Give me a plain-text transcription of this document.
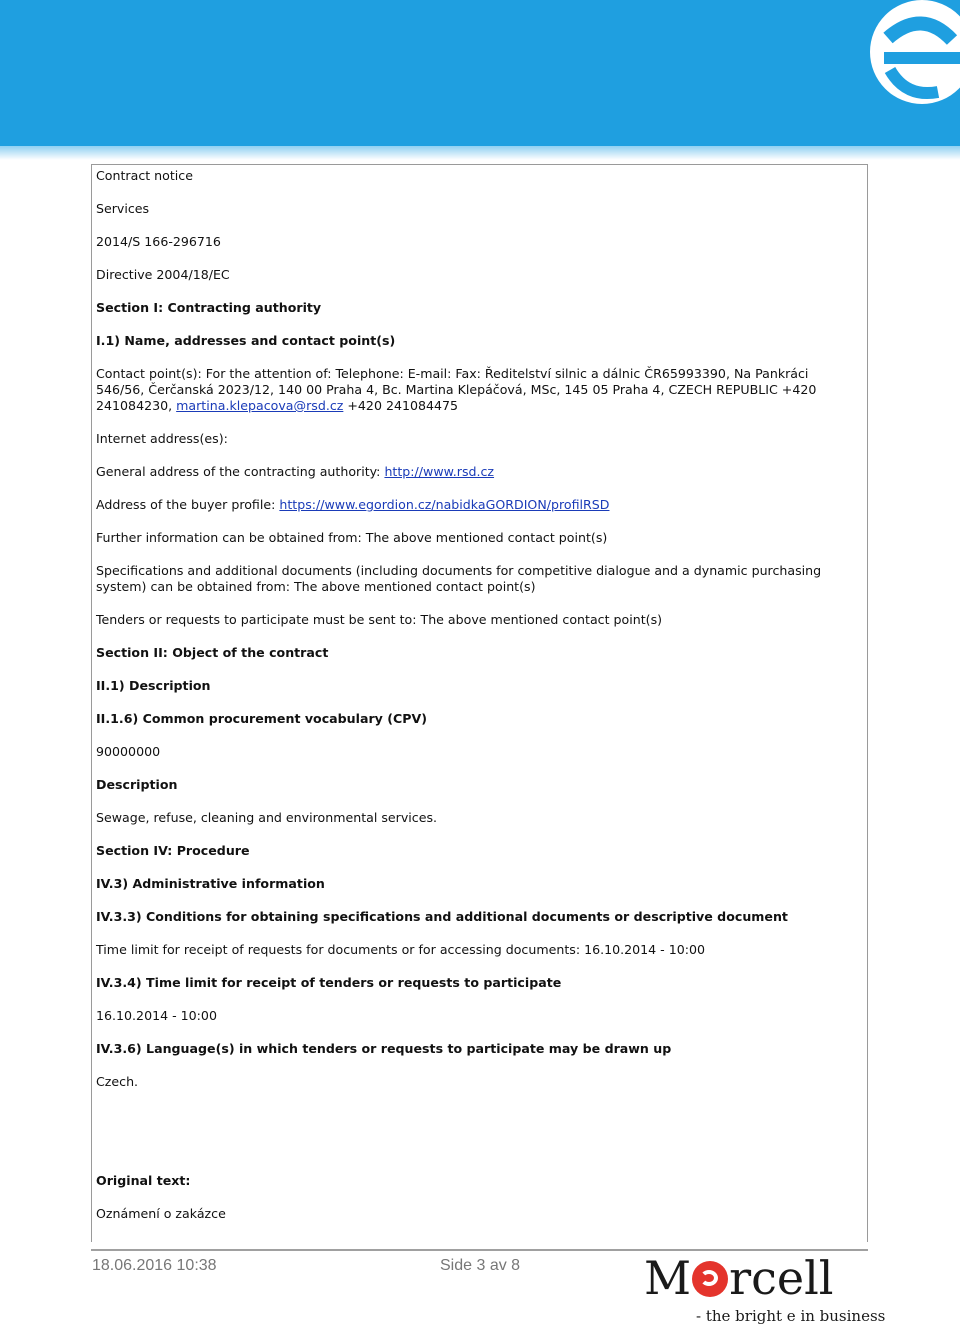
Contract notice

Services

2014/S 166-296716

Directive 2004/18/EC

Section I: Contracting authority

I.1) Name, addresses and contact point(s)

Contact point(s): For the attention of: Telephone: E-mail: Fax: Ředitelství silnic a dálnic ČR65993390, Na Pankráci 546/56, Čerčanská 2023/12, 140 00 Praha 4, Bc. Martina Klepáčová, MSc, 145 05 Praha 4, CZECH REPUBLIC +420 241084230, martina.klepacova@rsd.cz +420 241084475

Internet address(es):

General address of the contracting authority: http://www.rsd.cz

Address of the buyer profile: https://www.egordion.cz/nabidkaGORDION/profilRSD

Further information can be obtained from: The above mentioned contact point(s)

Specifications and additional documents (including documents for competitive dialogue and a dynamic purchasing system) can be obtained from: The above mentioned contact point(s)

Tenders or requests to participate must be sent to: The above mentioned contact point(s)

Section II: Object of the contract

II.1) Description

II.1.6) Common procurement vocabulary (CPV)

90000000

Description

Sewage, refuse, cleaning and environmental services.

Section IV: Procedure

IV.3) Administrative information

IV.3.3) Conditions for obtaining specifications and additional documents or descriptive document

Time limit for receipt of requests for documents or for accessing documents: 16.10.2014 - 10:00

IV.3.4) Time limit for receipt of tenders or requests to participate

16.10.2014 - 10:00

IV.3.6) Language(s) in which tenders or requests to participate may be drawn up

Czech.

Original text:

Oznámení o zakázce

18.06.2016 10:38	Side 3 av 8	M rcell
- the bright e in business
